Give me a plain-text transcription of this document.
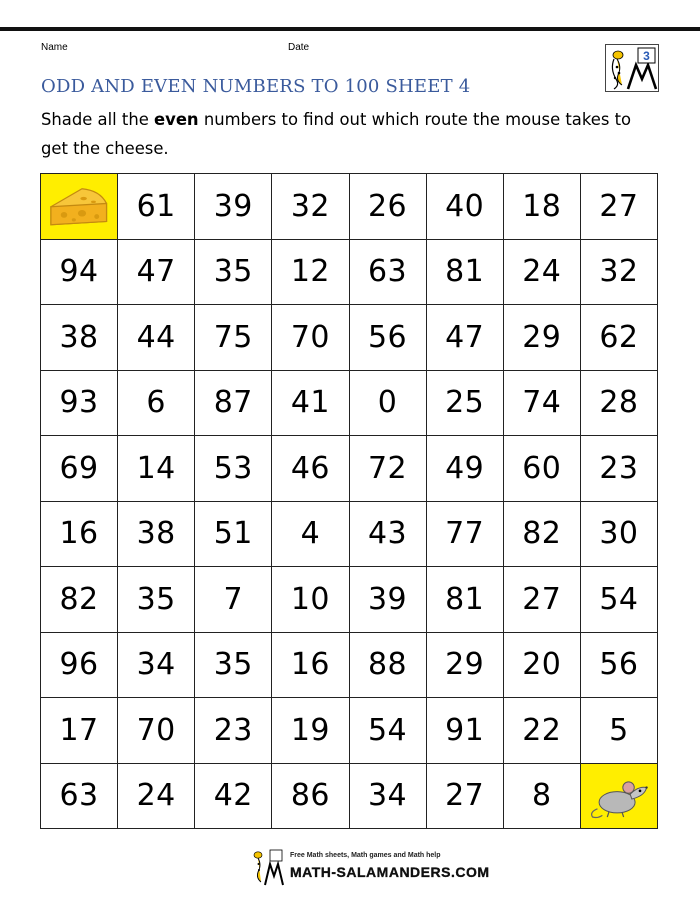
Name	Date
3
ODD AND EVEN NUMBERS TO 100 SHEET 4
Shade all the even numbers to find out which route the mouse takes to get the cheese.
61	39	32	26	40	18	27
94	47	35	12	63	81	24	32
38	44	75	70	56	47	29	62
93	6	87	41	0	25	74	28
69	14	53	46	72	49	60	23
16	38	51	4	43	77	82	30
82	35	7	10	39	81	27	54
96	34	35	16	88	29	20	56
17	70	23	19	54	91	22	5
63	24	42	86	34	27	8
Free Math sheets, Math games and Math help
MATH-SALAMANDERS.COM
